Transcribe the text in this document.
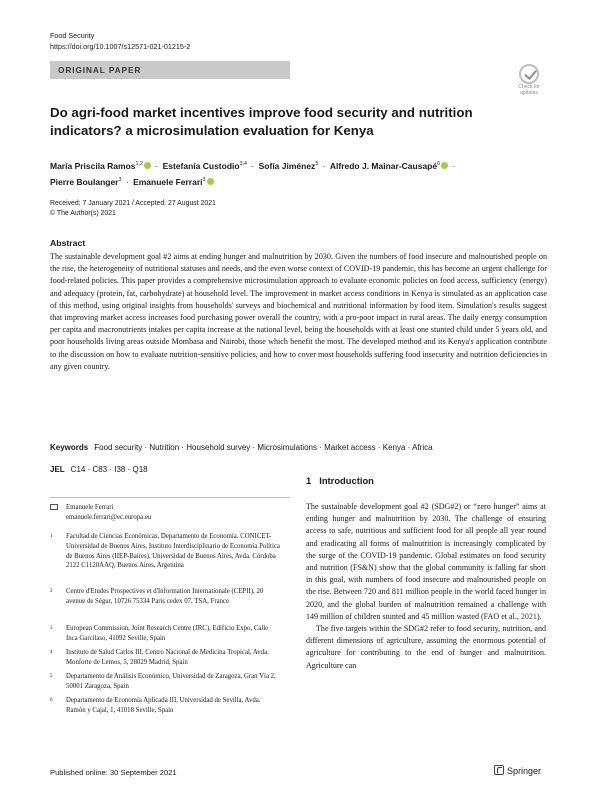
Food Security
https://doi.org/10.1007/s12571-021-01215-2
ORIGINAL PAPER
Check for
updates
Do agri-food market incentives improve food security and nutrition indicators? a microsimulation evaluation for Kenya
María Priscila Ramos$^{1,2}$ · Estefanía Custodio$^{3,4}$ · Sofía Jiménez$^5$ · Alfredo J. Mainar-Causapé$^6$ ·
Pierre Boulanger$^3$ · Emanuele Ferrari$^3$
Received: 7 January 2021 / Accepted: 27 August 2021
© The Author(s) 2021
Abstract

The sustainable development goal #2 aims at ending hunger and malnutrition by 2030. Given the numbers of food insecure and malnourished people on the rise, the heterogeneity of nutritional statuses and needs, and the even worse context of COVID-19 pandemic, this has become an urgent challenge for food-related policies. This paper provides a comprehensive microsimulation approach to evaluate economic policies on food access, sufficiency (energy) and adequacy (protein, fat, carbohydrate) at household level. The improvement in market access conditions in Kenya is simulated as an application case of this method, using original insights from households' surveys and biochemical and nutritional information by food item. Simulation's results suggest that improving market access increases food purchasing power overall the country, with a pro-poor impact in rural areas. The daily energy consumption per capita and macronutrients intakes per capita increase at the national level, being the households with at least one stunted child under 5 years old, and poor households living areas outside Mombasa and Nairobi, those which benefit the most. The developed method and its Kenya's application contribute to the discussion on how to evaluate nutrition-sensitive policies, and how to cover most households suffering food insecurity and nutrition deficiencies in any given country.

Keywords Food security · Nutrition · Household survey · Microsimulations · Market access · Kenya · Africa
JEL C14 · C83 · I38 · Q18
1 Introduction

The sustainable development goal #2 (SDG#2) or “zero hunger” aims at ending hunger and malnutrition by 2030. The challenge of ensuring access to safe, nutritious and sufficient food for all people all year round and eradicating all forms of malnutrition is increasingly complicated by the surge of the COVID-19 pandemic. Global estimates on food security and nutrition (FS&N) show that the global community is falling far short in this goal, with numbers of food insecure and malnourished people on the rise. Between 720 and 811 million people in the world faced hunger in 2020, and the global burden of malnutrition remained a challenge with 149 million of children stunted and 45 million wasted (FAO et al., 2021).

The five targets within the SDG#2 refer to food security, nutrition, and different dimensions of agriculture, assuming the enormous potential of agriculture for contributing to the end of hunger and malnutrition. Agriculture can

Emanuele Ferrari
emanuele.ferrari@ec.europa.eu
1 Facultad de Ciencias Económicas, Departamento de Economía. CONICET-Universidad de Buenos Aires, Instituto Interdisciplinario de Economía Política de Buenos Aires (IIEP-Baires), Universidad de Buenos Aires, Avda. Córdoba 2122 C1120AAQ, Buenos Aires, Argentina
2 Centre d'Etudes Prospectives et d'Information Internationale (CEPII), 20 avenue de Ségur, 10726 75334 Paris cedex 07, TSA, France
3 European Commission, Joint Research Centre (JRC), Edificio Expo, Calle Inca Garcilaso, 41092 Seville, Spain
4 Instituto de Salud Carlos III, Centro Nacional de Medicina Tropical, Avda. Monforte de Lemos, 5, 28029 Madrid, Spain
5 Departamento de Análisis Económico, Universidad de Zaragoza, Gran Vía 2, 50001 Zaragoza, Spain
6 Departamento de Economía Aplicada III, Universidad de Sevilla, Avda. Ramón y Cajal, 1, 41018 Seville, Spain
Published online: 30 September 2021	Springer
